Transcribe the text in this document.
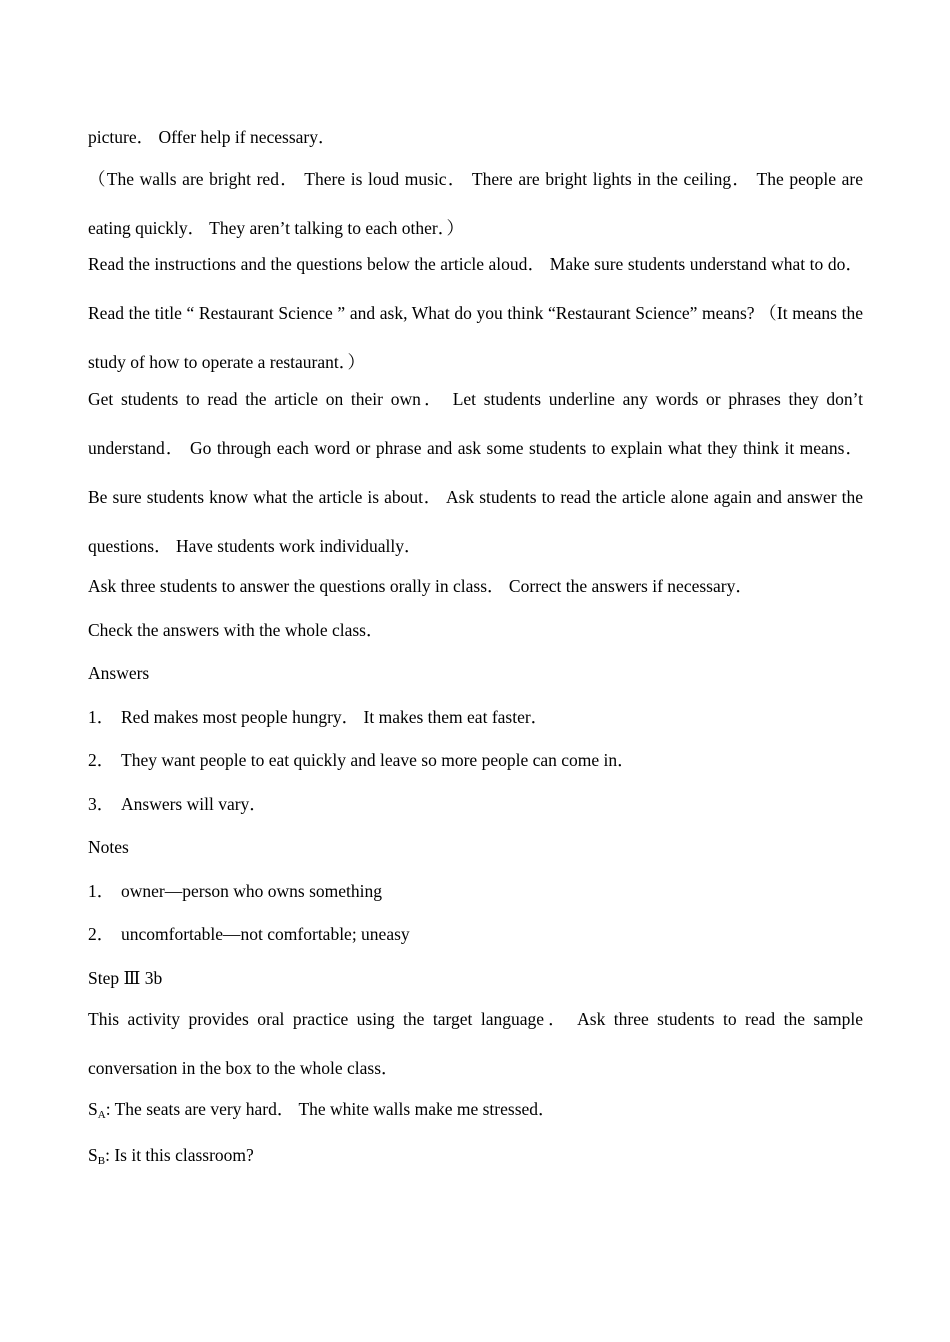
picture． Offer help if necessary．

（The walls are bright red． There is loud music． There are bright lights in the ceiling． The people are eating quickly． They aren’t talking to each other．）

Read the instructions and the questions below the article aloud． Make sure students understand what to do． Read the title “ Restaurant Science ” and ask, What do you think “Restaurant Science” means? （It means the study of how to operate a restaurant．）

Get students to read the article on their own． Let students underline any words or phrases they don’t understand． Go through each word or phrase and ask some students to explain what they think it means． Be sure students know what the article is about． Ask students to read the article alone again and answer the questions． Have students work individually．

Ask three students to answer the questions orally in class． Correct the answers if necessary．

Check the answers with the whole class．

Answers

1． Red makes most people hungry． It makes them eat faster．

2． They want people to eat quickly and leave so more people can come in．

3． Answers will vary．

Notes

1． owner—person who owns something

2． uncomfortable—not comfortable; uneasy

Step Ⅲ 3b

This activity provides oral practice using the target language． Ask three students to read the sample conversation in the box to the whole class．

SA: The seats are very hard． The white walls make me stressed．

SB: Is it this classroom?
